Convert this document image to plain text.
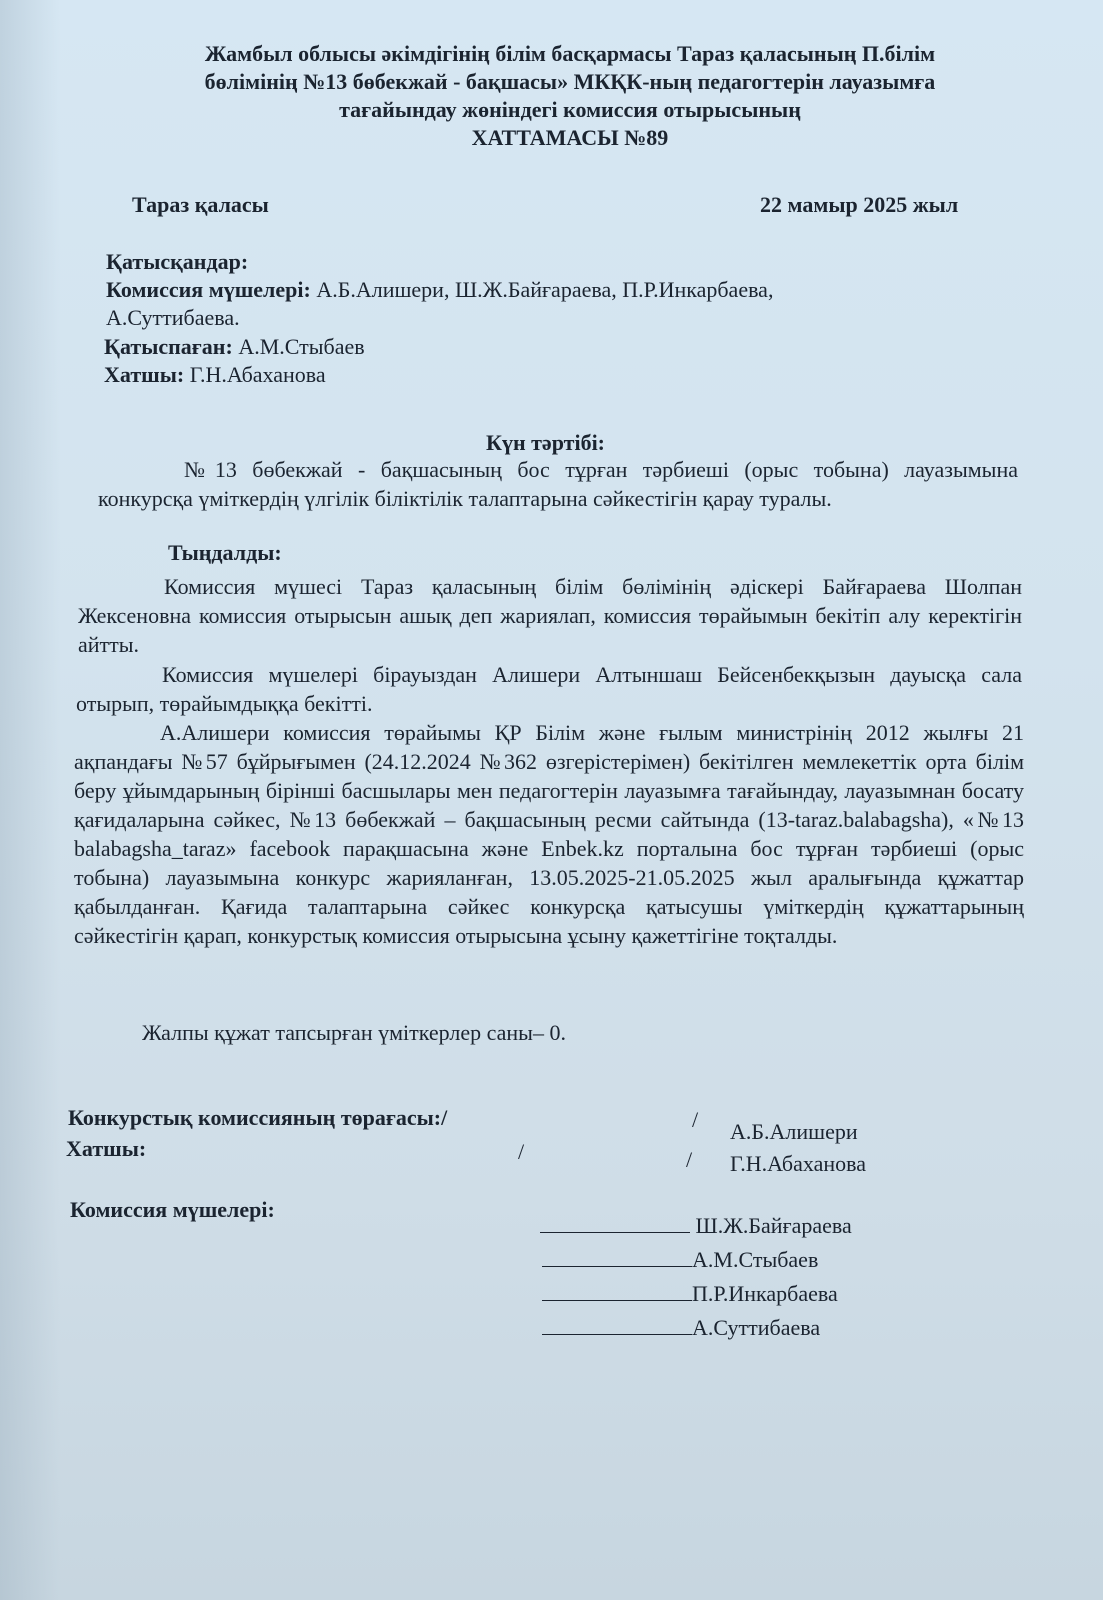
Жамбыл облысы әкімдігінің білім басқармасы Тараз қаласының П.білім
бөлімінің №13 бөбекжай - бақшасы» МКҚК-ның педагогтерін лауазымға
тағайындау жөніндегі комиссия отырысының
ХАТТАМАСЫ №89
Тараз қаласы	22 мамыр 2025 жыл
Қатысқандар:
Комиссия мүшелері: А.Б.Алишери, Ш.Ж.Байғараева, П.Р.Инкарбаева,
А.Суттибаева.
Қатыспаған: А.М.Стыбаев
Хатшы: Г.Н.Абаханова
Күн тәртібі:
№13 бөбекжай - бақшасының бос тұрған тәрбиеші (орыс тобына) лауазымына конкурсқа үміткердің үлгілік біліктілік талаптарына сәйкестігін қарау туралы.
Тыңдалды:
Комиссия мүшесі Тараз қаласының білім бөлімінің әдіскері Байғараева Шолпан Жексеновна комиссия отырысын ашық деп жариялап, комиссия төрайымын бекітіп алу керектігін айтты.
Комиссия мүшелері бірауыздан Алишери Алтыншаш Бейсенбекқызын дауысқа сала отырып, төрайымдыққа бекітті.
А.Алишери комиссия төрайымы ҚР Білім және ғылым министрінің 2012 жылғы 21 ақпандағы №57 бұйрығымен (24.12.2024 №362 өзгерістерімен) бекітілген мемлекеттік орта білім беру ұйымдарының бірінші басшылары мен педагогтерін лауазымға тағайындау, лауазымнан босату қағидаларына сәйкес, №13 бөбекжай – бақшасының ресми сайтында (13-taraz.balabagsha), «№13 balabagsha_taraz» facebook парақшасына және Enbek.kz порталына бос тұрған тәрбиеші (орыс тобына) лауазымына конкурс жарияланған, 13.05.2025-21.05.2025 жыл аралығында құжаттар қабылданған. Қағида талаптарына сәйкес конкурсқа қатысушы үміткердің құжаттарының сәйкестігін қарап, конкурстық комиссия отырысына ұсыну қажеттігіне тоқталды.
Жалпы құжат тапсырған үміткерлер саны– 0.
Конкурстық комиссияның төрағасы:/	/ А.Б.Алишери
Хатшы:	/	/ Г.Н.Абаханова
Комиссия мүшелері:
Ш.Ж.Байғараева
А.М.Стыбаев
П.Р.Инкарбаева
А.Суттибаева
